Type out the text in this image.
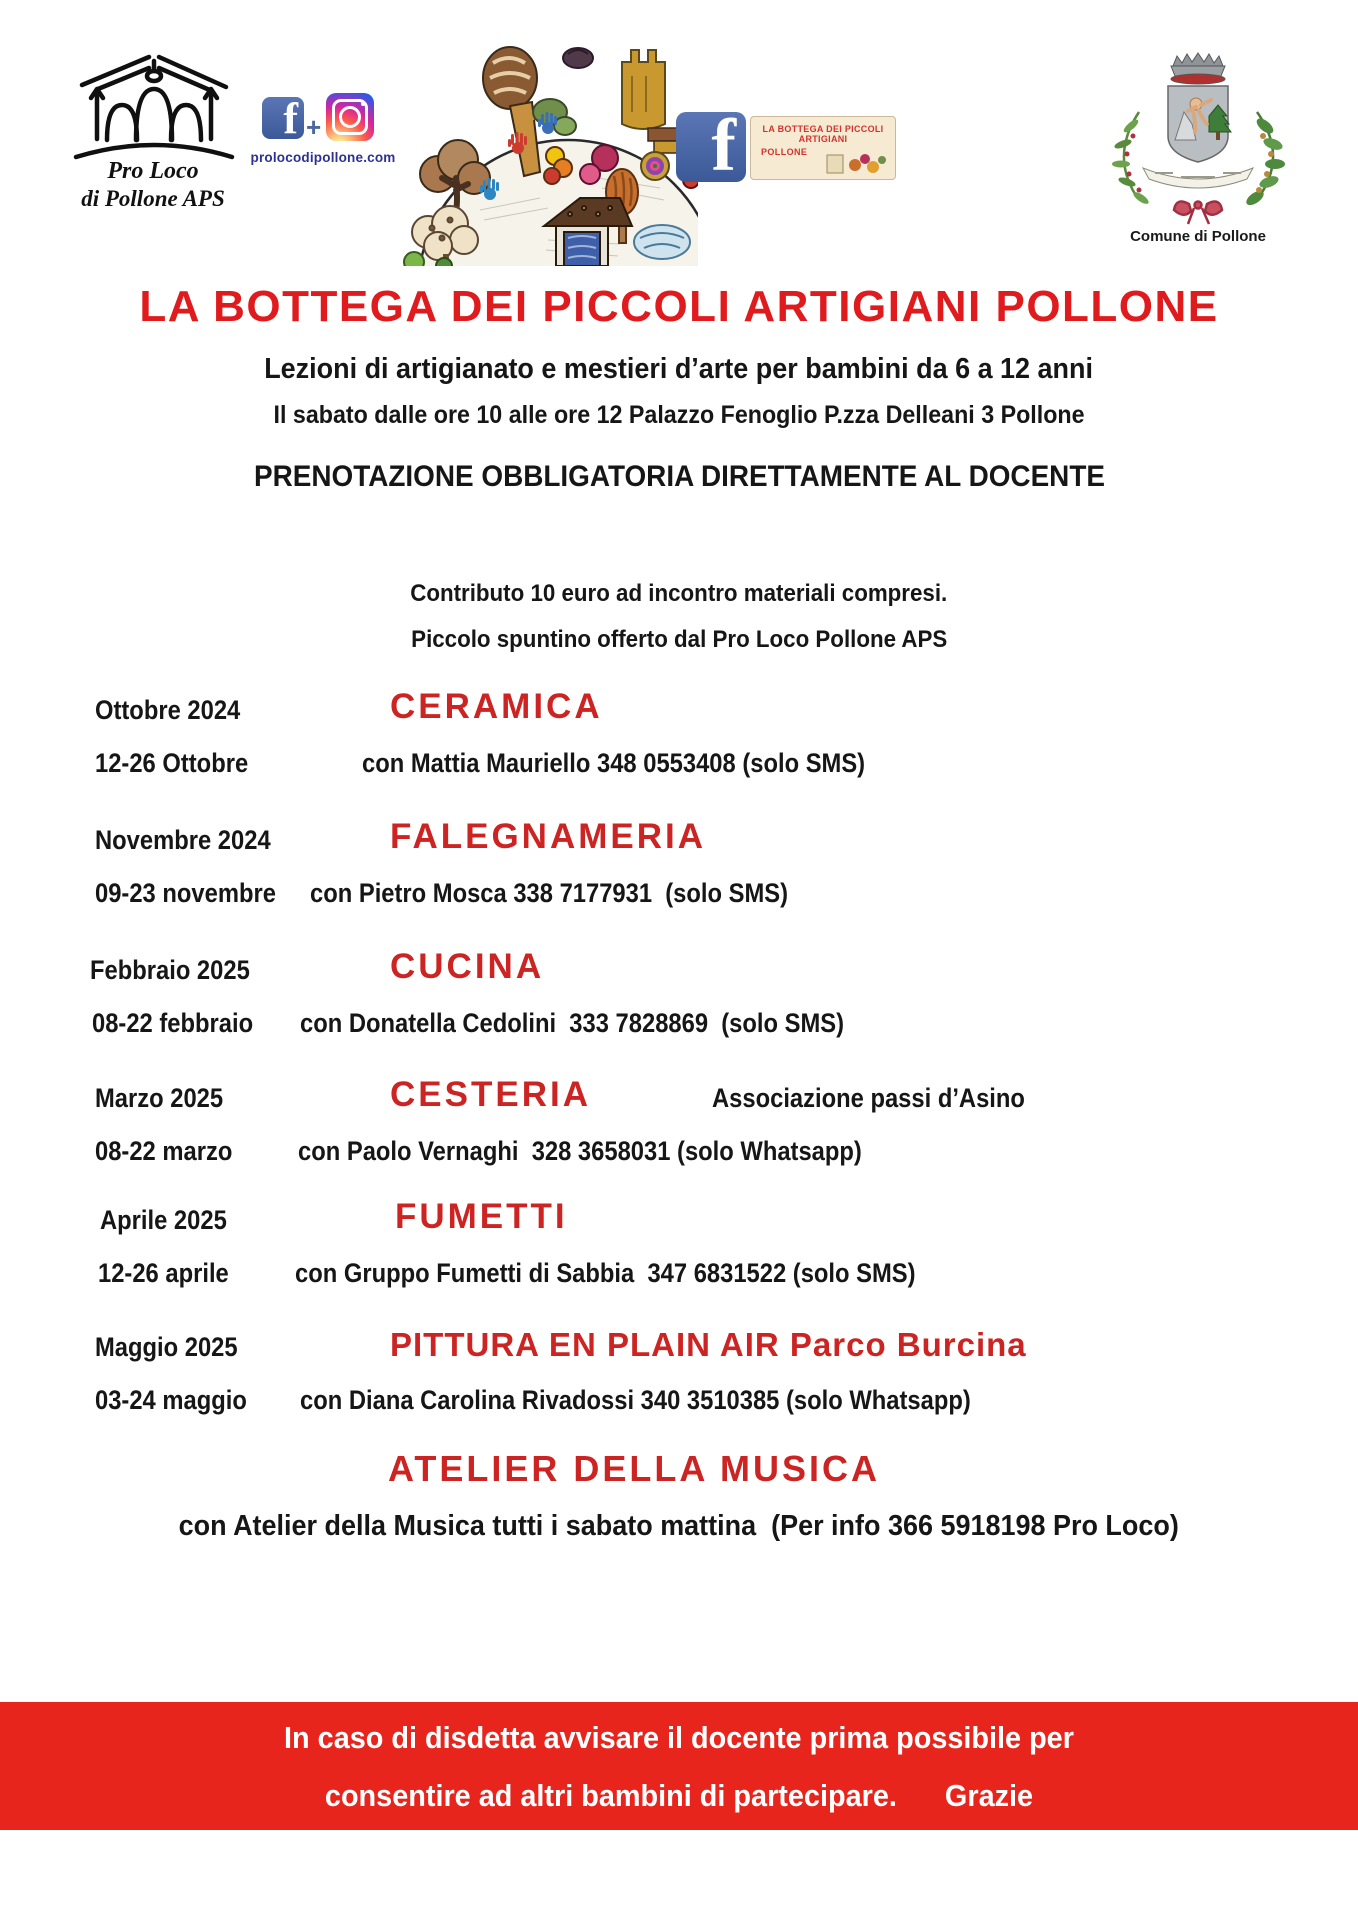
Pro Loco
di Pollone APS
f +
prolocodipollone.com	f	LA BOTTEGA DEI PICCOLI ARTIGIANI
POLLONE
Comune di Pollone
LA BOTTEGA DEI PICCOLI ARTIGIANI POLLONE
Lezioni di artigianato e mestieri d’arte per bambini da 6 a 12 anni
Il sabato dalle ore 10 alle ore 12 Palazzo Fenoglio P.zza Delleani 3 Pollone
PRENOTAZIONE OBBLIGATORIA DIRETTAMENTE AL DOCENTE
Contributo 10 euro ad incontro materiali compresi.
Piccolo spuntino offerto dal Pro Loco Pollone APS
Ottobre 2024	CERAMICA
12-26 Ottobre	con Mattia Mauriello 348 0553408 (solo SMS)
Novembre 2024	FALEGNAMERIA
09-23 novembre con Pietro Mosca 338 7177931  (solo SMS)
Febbraio 2025	CUCINA
08-22 febbraio con Donatella Cedolini  333 7828869  (solo SMS)
Marzo 2025	CESTERIA	Associazione passi d’Asino
08-22 marzo con Paolo Vernaghi  328 3658031 (solo Whatsapp)
Aprile 2025	FUMETTI
12-26 aprile con Gruppo Fumetti di Sabbia  347 6831522 (solo SMS)
Maggio 2025	PITTURA EN PLAIN AIR Parco Burcina
03-24 maggio con Diana Carolina Rivadossi 340 3510385 (solo Whatsapp)
ATELIER DELLA MUSICA
con Atelier della Musica tutti i sabato mattina  (Per info 366 5918198 Pro Loco)
In caso di disdetta avvisare il docente prima possibile per
consentire ad altri bambini di partecipare.      Grazie
